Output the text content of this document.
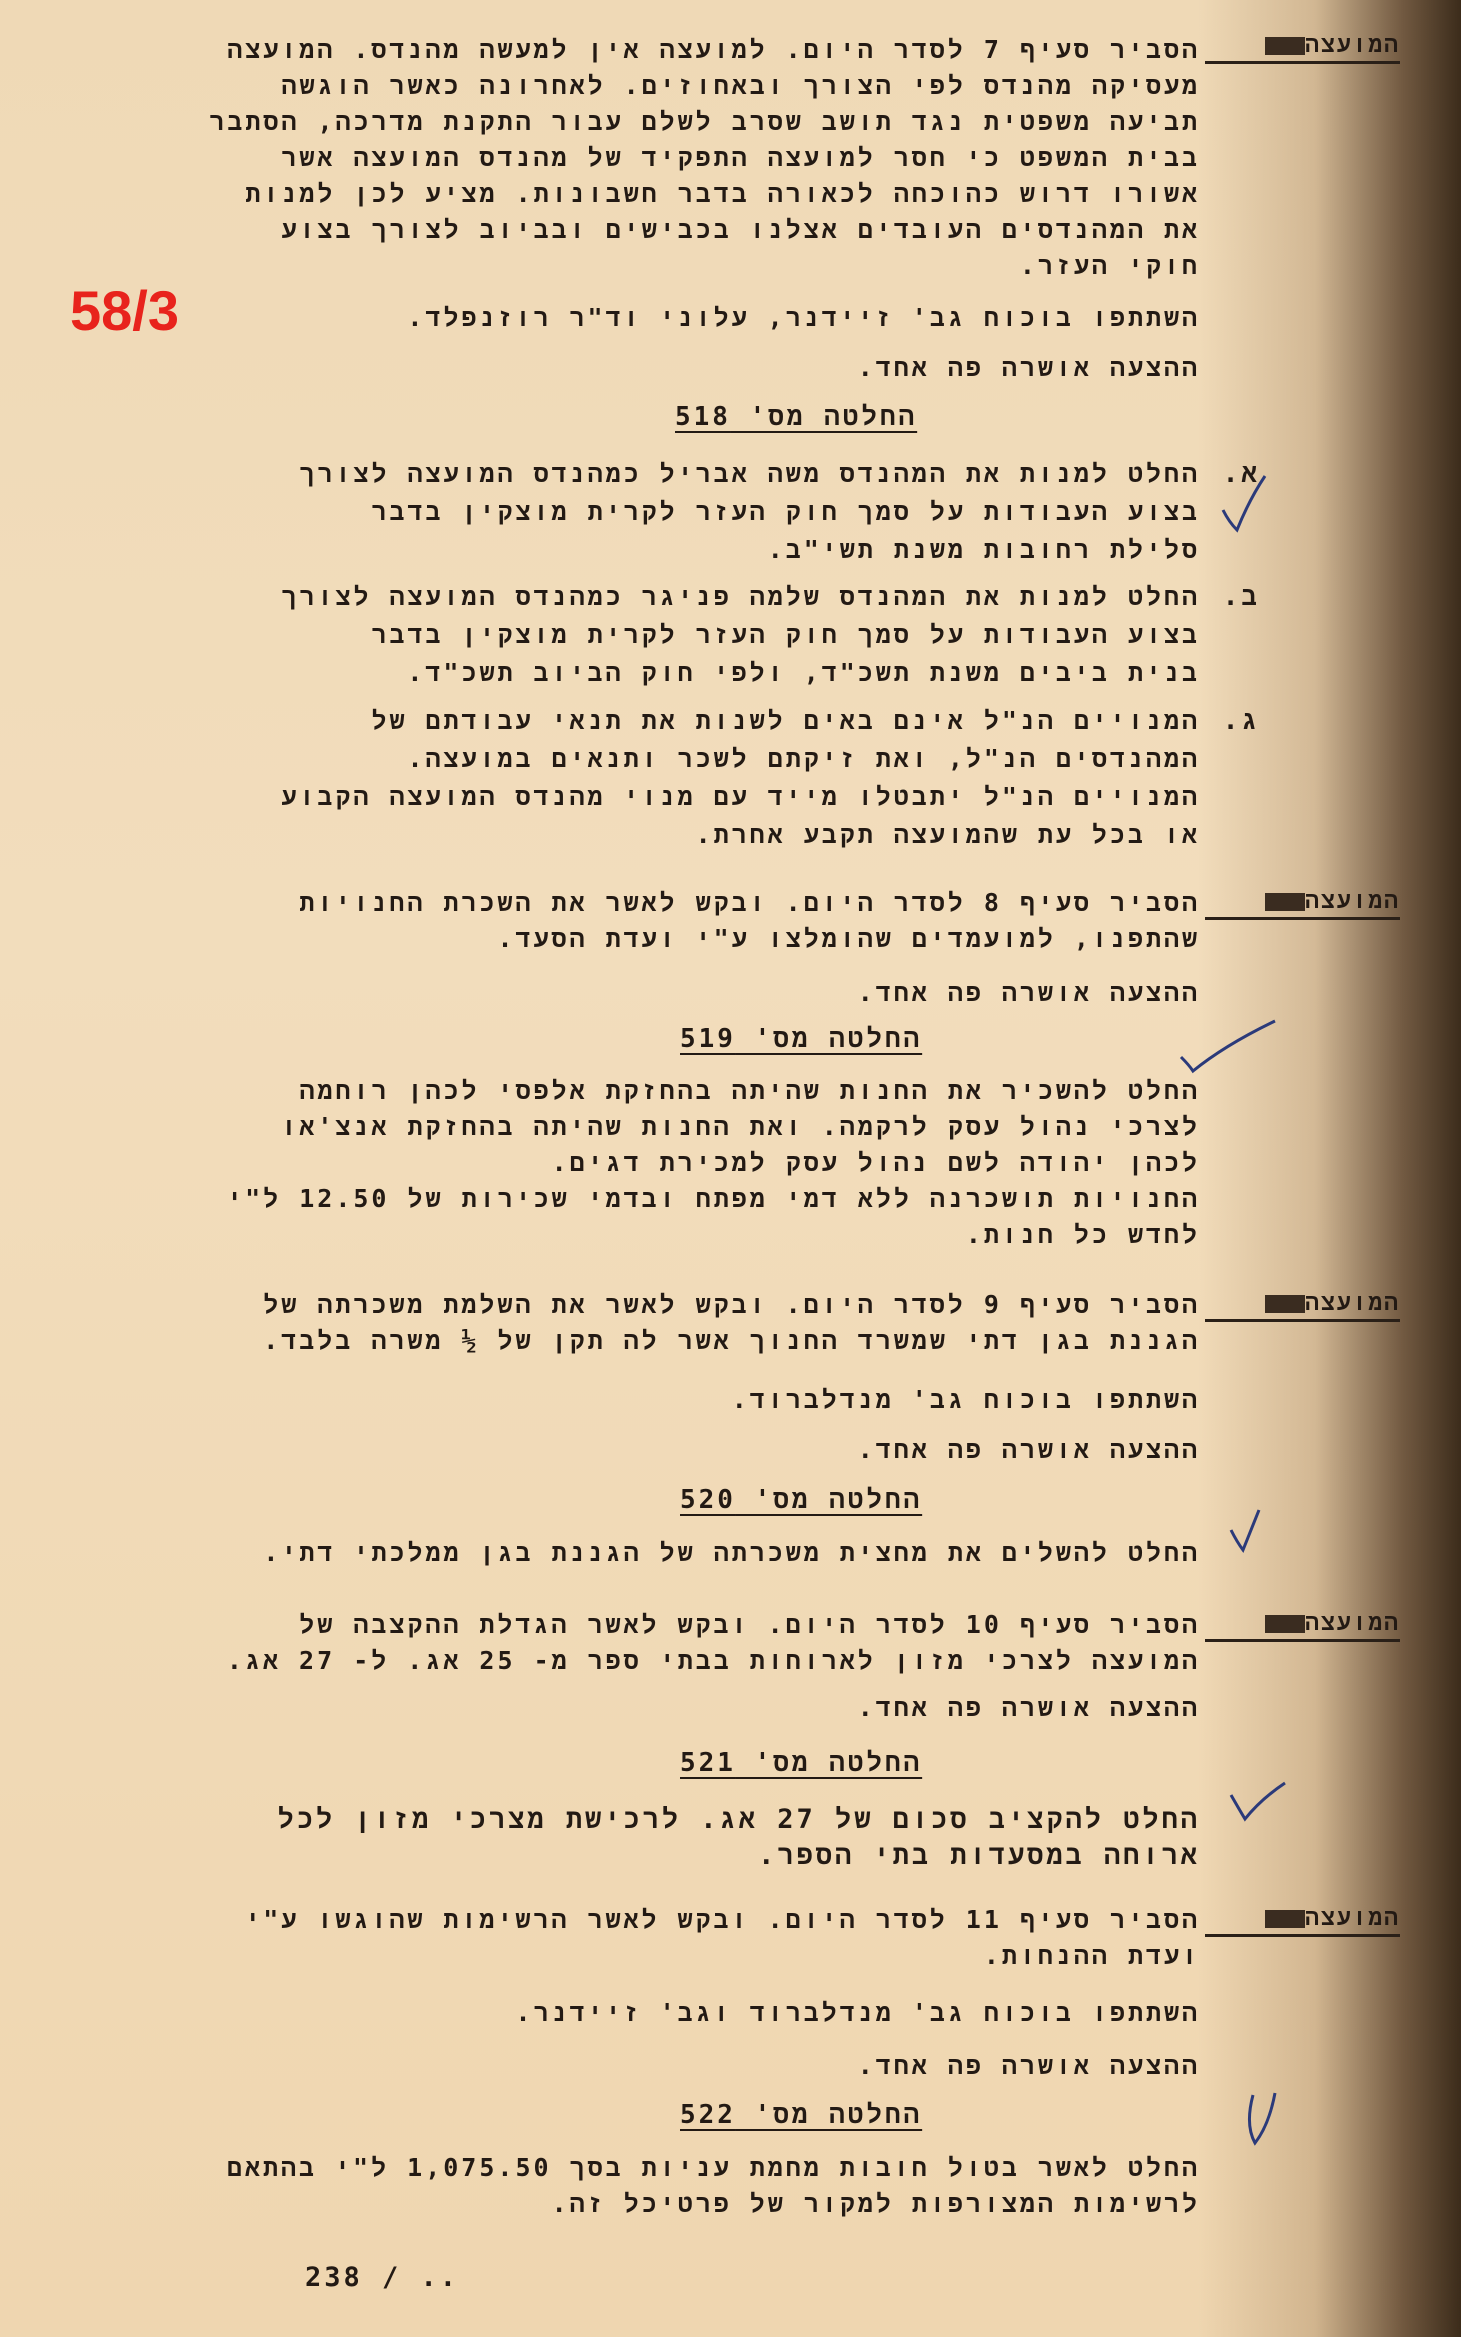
58/3
המועצה
הסביר סעיף 7 לסדר היום. למועצה אין למעשה מהנדס. המועצה
מעסיקה מהנדס לפי הצורך ובאחוזים. לאחרונה כאשר הוגשה
תביעה משפטית נגד תושב שסרב לשלם עבור התקנת מדרכה, הסתבר
בבית המשפט כי חסר למועצה התפקיד של מהנדס המועצה אשר
אשורו דרוש כהוכחה לכאורה בדבר חשבונות. מציע לכן למנות
את המהנדסים העובדים אצלנו בכבישים ובביוב לצורך בצוע
חוקי העזר.
השתתפו בוכוח גב' זיידנר, עלוני וד"ר רוזנפלד.
ההצעה אושרה פה אחד.
החלטה מס' 518
א.
החלט למנות את המהנדס משה אבריל כמהנדס המועצה לצורך
בצוע העבודות על סמך חוק העזר לקרית מוצקין בדבר
סלילת רחובות משנת תשי"ב.
ב.
החלט למנות את המהנדס שלמה פניגר כמהנדס המועצה לצורך
בצוע העבודות על סמך חוק העזר לקרית מוצקין בדבר
בנית ביבים משנת תשכ"ד, ולפי חוק הביוב תשכ"ד.
ג.
המנויים הנ"ל אינם באים לשנות את תנאי עבודתם של
המהנדסים הנ"ל, ואת זיקתם לשכר ותנאים במועצה.
המנויים הנ"ל יתבטלו מייד עם מנוי מהנדס המועצה הקבוע
או בכל עת שהמועצה תקבע אחרת.
המועצה
הסביר סעיף 8 לסדר היום. ובקש לאשר את השכרת החנויות
שהתפנו, למועמדים שהומלצו ע"י ועדת הסעד.
ההצעה אושרה פה אחד.
החלטה מס' 519
החלט להשכיר את החנות שהיתה בהחזקת אלפסי לכהן רוחמה
לצרכי נהול עסק לרקמה. ואת החנות שהיתה בהחזקת אנצ'או
לכהן יהודה לשם נהול עסק למכירת דגים.
החנויות תושכרנה ללא דמי מפתח ובדמי שכירות של 12.50 ל"י
לחדש כל חנות.
המועצה
הסביר סעיף 9 לסדר היום. ובקש לאשר את השלמת משכרתה של
הגננת בגן דתי שמשרד החנוך אשר לה תקן של ½ משרה בלבד.
השתתפו בוכוח גב' מנדלברוד.
ההצעה אושרה פה אחד.
החלטה מס' 520
החלט להשלים את מחצית משכרתה של הגננת בגן ממלכתי דתי.
המועצה
הסביר סעיף 10 לסדר היום. ובקש לאשר הגדלת ההקצבה של
המועצה לצרכי מזון לארוחות בבתי ספר מ- 25 אג. ל- 27 אג.
ההצעה אושרה פה אחד.
החלטה מס' 521
החלט להקציב סכום של 27 אג. לרכישת מצרכי מזון לכל
ארוחה במסעדות בתי הספר.
המועצה
הסביר סעיף 11 לסדר היום. ובקש לאשר הרשימות שהוגשו ע"י
ועדת ההנחות.
השתתפו בוכוח גב' מנדלברוד וגב' זיידנר.
ההצעה אושרה פה אחד.
החלטה מס' 522
החלט לאשר בטול חובות מחמת עניות בסך 1,075.50 ל"י בהתאם
לרשימות המצורפות למקור של פרטיכל זה.
238 / ..
